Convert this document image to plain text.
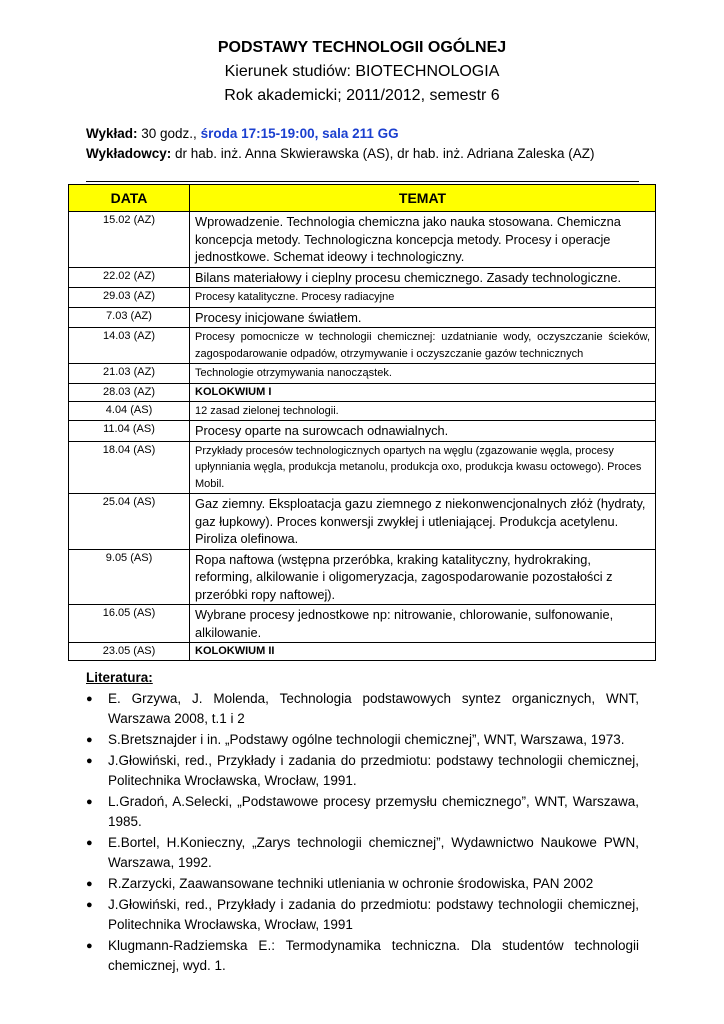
PODSTAWY TECHNOLOGII OGÓLNEJ
Kierunek studiów: BIOTECHNOLOGIA
Rok akademicki; 2011/2012, semestr 6
Wykład: 30 godz., środa 17:15-19:00, sala 211 GG
Wykładowcy: dr hab. inż. Anna Skwierawska (AS), dr hab. inż. Adriana Zaleska (AZ)
DATA	TEMAT
15.02 (AZ)	Wprowadzenie. Technologia chemiczna jako nauka stosowana. Chemiczna koncepcja metody. Technologiczna koncepcja metody. Procesy i operacje jednostkowe. Schemat ideowy i technologiczny.
22.02 (AZ)	Bilans materiałowy i cieplny procesu chemicznego. Zasady technologiczne.
29.03 (AZ)	Procesy katalityczne. Procesy radiacyjne
7.03 (AZ)	Procesy inicjowane światłem.
14.03 (AZ)	Procesy pomocnicze w technologii chemicznej: uzdatnianie wody, oczyszczanie ścieków, zagospodarowanie odpadów, otrzymywanie i oczyszczanie gazów technicznych
21.03 (AZ)	Technologie otrzymywania nanocząstek.
28.03 (AZ)	KOLOKWIUM I
4.04 (AS)	12 zasad zielonej technologii.
11.04 (AS)	Procesy oparte na surowcach odnawialnych.
18.04 (AS)	Przykłady procesów technologicznych opartych na węglu (zgazowanie węgla, procesy upłynniania węgla, produkcja metanolu, produkcja oxo, produkcja kwasu octowego). Proces Mobil.
25.04 (AS)	Gaz ziemny. Eksploatacja gazu ziemnego z niekonwencjonalnych złóż (hydraty, gaz łupkowy). Proces konwersji zwykłej i utleniającej. Produkcja acetylenu. Piroliza olefinowa.
9.05 (AS)	Ropa naftowa (wstępna przeróbka, kraking katalityczny, hydrokraking, reforming, alkilowanie i oligomeryzacja, zagospodarowanie pozostałości z przeróbki ropy naftowej).
16.05 (AS)	Wybrane procesy jednostkowe np: nitrowanie, chlorowanie, sulfonowanie, alkilowanie.
23.05 (AS)	KOLOKWIUM II
Literatura:
● E. Grzywa, J. Molenda, Technologia podstawowych syntez organicznych, WNT, Warszawa 2008, t.1 i 2
● S.Bretsznajder i in. „Podstawy ogólne technologii chemicznej”, WNT, Warszawa, 1973.
● J.Głowiński, red., Przykłady i zadania do przedmiotu: podstawy technologii chemicznej, Politechnika Wrocławska, Wrocław, 1991.
● L.Gradoń, A.Selecki, „Podstawowe procesy przemysłu chemicznego”, WNT, Warszawa, 1985.
● E.Bortel, H.Konieczny, „Zarys technologii chemicznej”, Wydawnictwo Naukowe PWN, Warszawa, 1992.
● R.Zarzycki, Zaawansowane techniki utleniania w ochronie środowiska, PAN 2002
● J.Głowiński, red., Przykłady i zadania do przedmiotu: podstawy technologii chemicznej, Politechnika Wrocławska, Wrocław, 1991
● Klugmann-Radziemska E.: Termodynamika techniczna. Dla studentów technologii chemicznej, wyd. 1.
